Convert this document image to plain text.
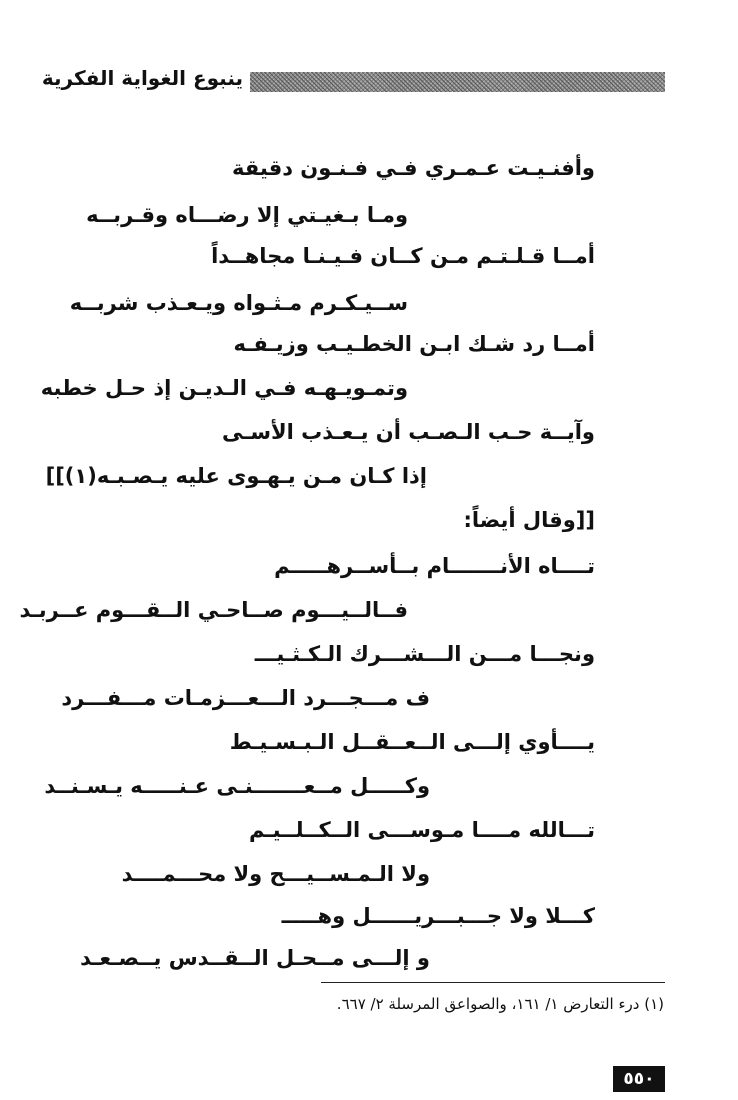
ينبوع الغواية الفكرية
وأفنـيـت عـمـري فـي فـنـون دقيقة
ومـا بـغيـتي إلا رضـــاه وقـربــه
أمــا قـلـتـم مـن كــان فـيـنـا مجاهــداً
ســيـكـرم مـثـواه ويـعـذب شربــه
أمــا رد شـك ابـن الخطـيـب وزيـفـه
وتمـويـهـه فـي الـديـن إذ حـل خطبه
وآيــة حـب الـصـب أن يـعـذب الأسـى
إذا كـان مـن يـهـوى عليه يـصـبـه(١)]]
[[وقال أيضاً:
تــــاه الأنـــــــام بــأســرهـــــم
فــالــيـــوم صــاحـي الــقـــوم عــربـد
ونجـــا مـــن الـــشـــرك الـكـثـيـــ
ف مـــجـــرد الـــعـــزمـات مـــفـــرد
يــــأوي إلـــى الــعــقــل الـبـسـيـط
وكـــــل مــعـــــــنـى عـنـــــه يـسـنــد
تـــالله مــــا مـوســـى الــكــلــيـم
ولا الـمـســيـــح ولا محـــمــــد
كـــلا ولا جـــبـــريــــــل وهـــــ
و إلـــى مــحـل الــقــدس يــصـعـد
(١) درء التعارض ١/ ١٦١، والصواعق المرسلة ٢/ ٦٦٧.
٥٥٠
